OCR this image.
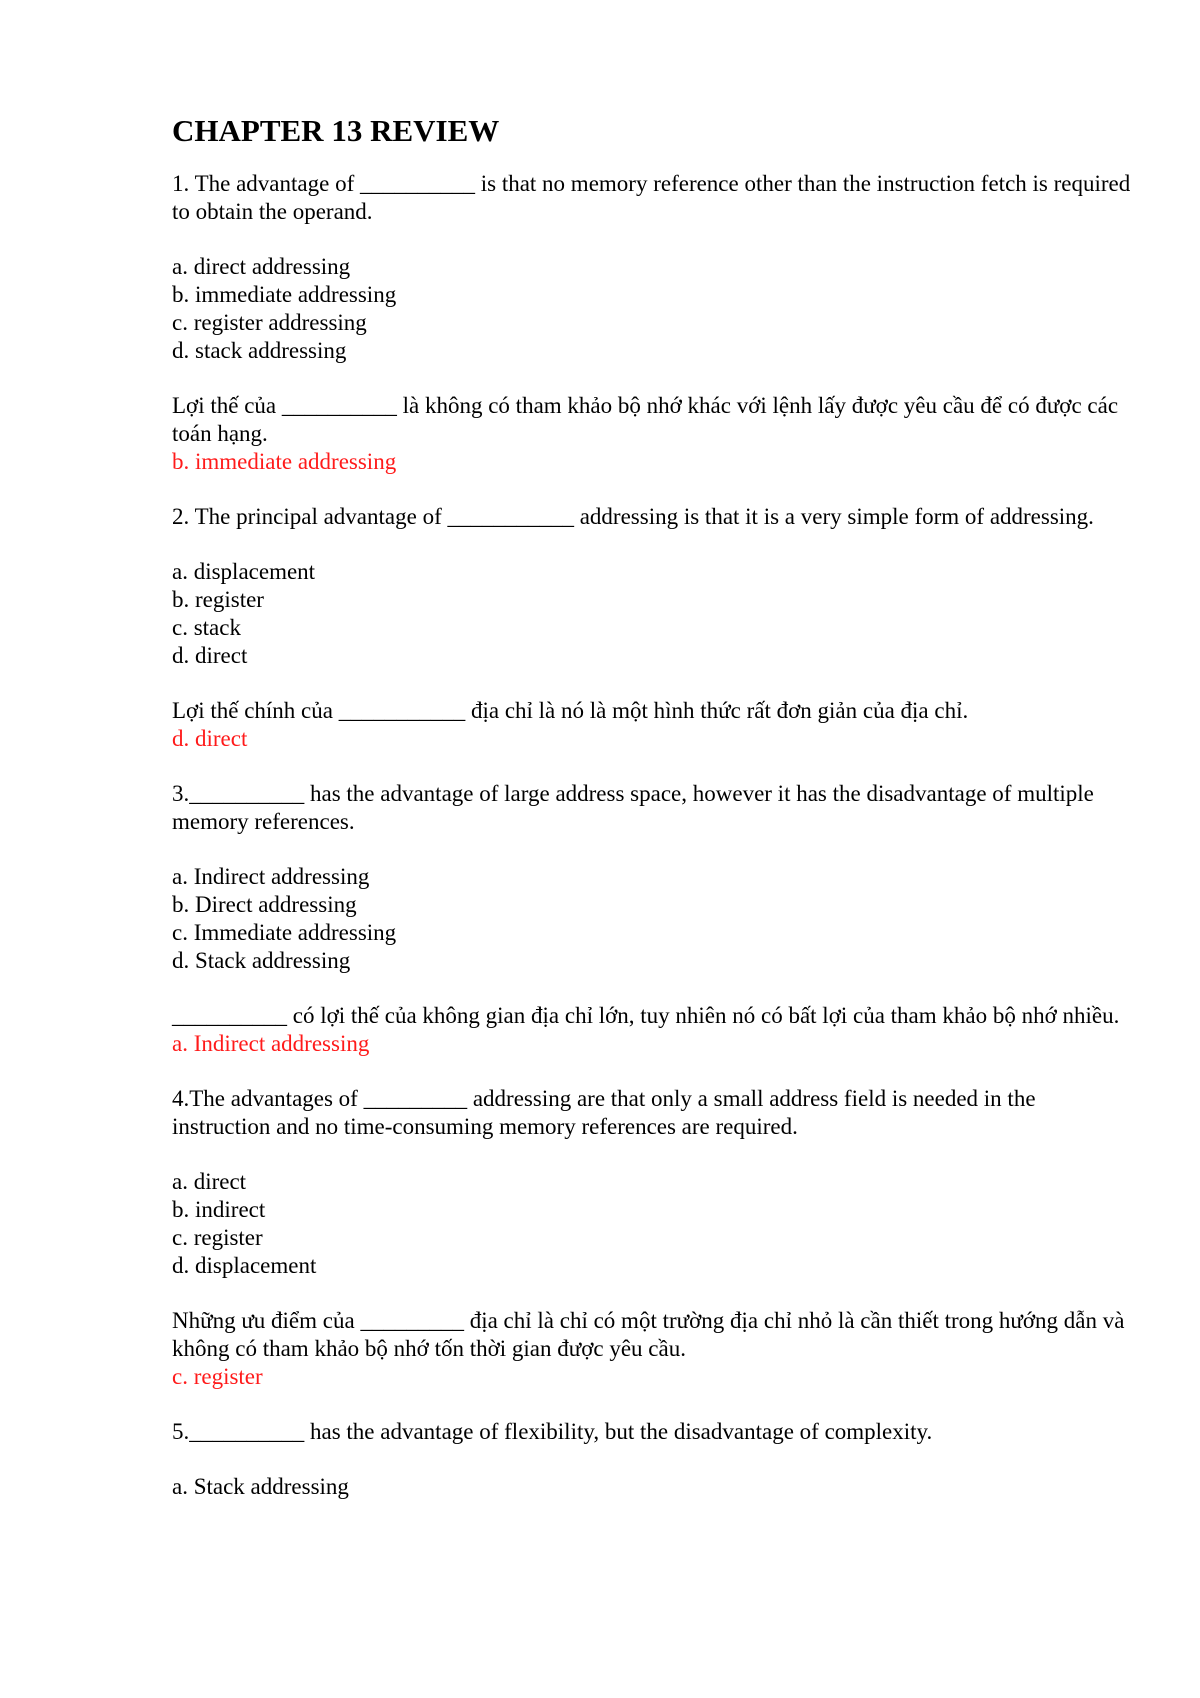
CHAPTER 13 REVIEW
1. The advantage of __________ is that no memory reference other than the instruction fetch is required to obtain the operand.
a. direct addressing
b. immediate addressing
c. register addressing
d. stack addressing
Lợi thế của __________ là không có tham khảo bộ nhớ khác với lệnh lấy được yêu cầu để có được các toán hạng.
b. immediate addressing
2. The principal advantage of ___________ addressing is that it is a very simple form of addressing.
a. displacement
b. register
c. stack
d. direct
Lợi thế chính của ___________ địa chỉ là nó là một hình thức rất đơn giản của địa chỉ.
d. direct
3.__________ has the advantage of large address space, however it has the disadvantage of multiple memory references.
a. Indirect addressing
b. Direct addressing
c. Immediate addressing
d. Stack addressing
__________ có lợi thế của không gian địa chỉ lớn, tuy nhiên nó có bất lợi của tham khảo bộ nhớ nhiều.
a. Indirect addressing
4.The advantages of _________ addressing are that only a small address field is needed in the instruction and no time-consuming memory references are required.
a. direct
b. indirect
c. register
d. displacement
Những ưu điểm của _________ địa chỉ là chỉ có một trường địa chỉ nhỏ là cần thiết trong hướng dẫn và không có tham khảo bộ nhớ tốn thời gian được yêu cầu.
c. register
5.__________ has the advantage of flexibility, but the disadvantage of complexity.
a. Stack addressing
